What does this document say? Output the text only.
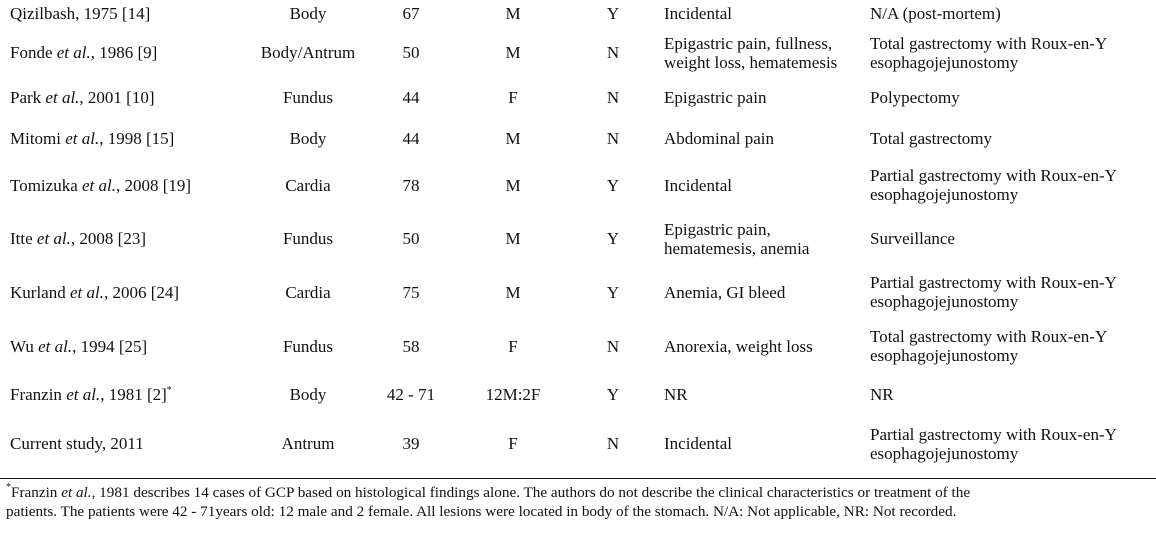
Qizilbash, 1975 [14]	Body	67	M	Y	Incidental	N/A (post-mortem)

Fonde et al., 1986 [9]	Body/Antrum	50	M	N	Epigastric pain, fullness,
weight loss, hematemesis	Total gastrectomy with Roux-en-Y
esophagojejunostomy

Park et al., 2001 [10]	Fundus	44	F	N	Epigastric pain	Polypectomy

Mitomi et al., 1998 [15]	Body	44	M	N	Abdominal pain	Total gastrectomy

Tomizuka et al., 2008 [19]	Cardia	78	M	Y	Incidental	Partial gastrectomy with Roux-en-Y
esophagojejunostomy

Itte et al., 2008 [23]	Fundus	50	M	Y	Epigastric pain,
hematemesis, anemia	Surveillance

Kurland et al., 2006 [24]	Cardia	75	M	Y	Anemia, GI bleed	Partial gastrectomy with Roux-en-Y
esophagojejunostomy

Wu et al., 1994 [25]	Fundus	58	F	N	Anorexia, weight loss	Total gastrectomy with Roux-en-Y
esophagojejunostomy

Franzin et al., 1981 [2]*	Body	42 - 71	12M:2F	Y	NR	NR

Current study, 2011	Antrum	39	F	N	Incidental	Partial gastrectomy with Roux-en-Y
esophagojejunostomy
*Franzin et al., 1981 describes 14 cases of GCP based on histological findings alone. The authors do not describe the clinical characteristics or treatment of the
patients. The patients were 42 - 71years old: 12 male and 2 female. All lesions were located in body of the stomach. N/A: Not applicable, NR: Not recorded.
